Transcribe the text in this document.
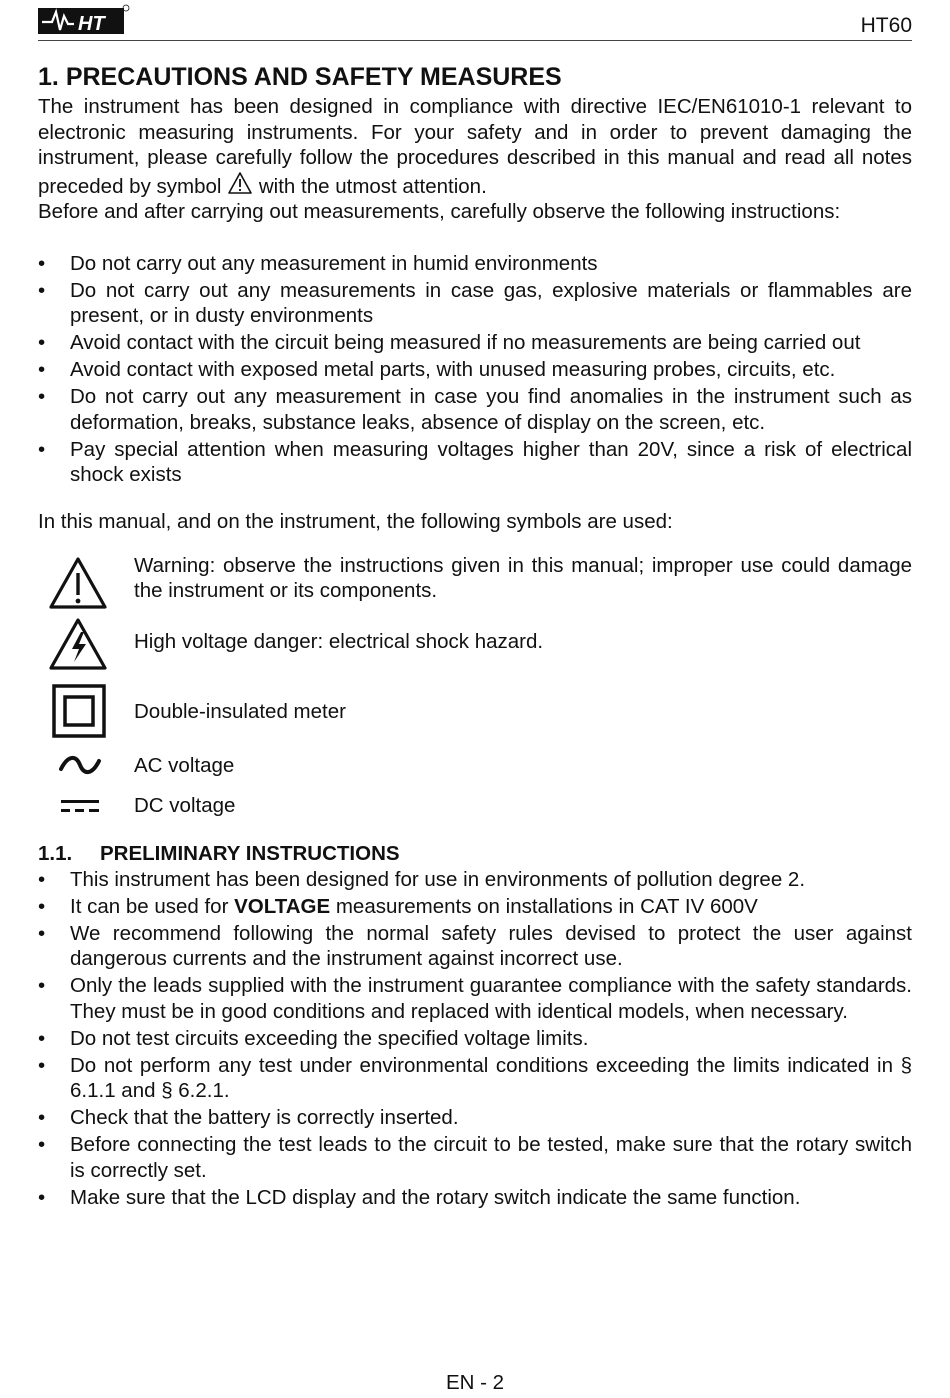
HT	HT60
1. PRECAUTIONS AND SAFETY MEASURES

The instrument has been designed in compliance with directive IEC/EN61010-1 relevant to electronic measuring instruments. For your safety and in order to prevent damaging the instrument, please carefully follow the procedures described in this manual and read all notes preceded by symbol with the utmost attention.

Before and after carrying out measurements, carefully observe the following instructions:

• Do not carry out any measurement in humid environments
• Do not carry out any measurements in case gas, explosive materials or flammables are present, or in dusty environments
• Avoid contact with the circuit being measured if no measurements are being carried out
• Avoid contact with exposed metal parts, with unused measuring probes, circuits, etc.
• Do not carry out any measurement in case you find anomalies in the instrument such as deformation, breaks, substance leaks, absence of display on the screen, etc.
• Pay special attention when measuring voltages higher than 20V, since a risk of electrical shock exists

In this manual, and on the instrument, the following symbols are used:

Warning: observe the instructions given in this manual; improper use could damage the instrument or its components.
High voltage danger: electrical shock hazard.
Double-insulated meter
AC voltage
DC voltage
1.1. PRELIMINARY INSTRUCTIONS
• This instrument has been designed for use in environments of pollution degree 2.
• It can be used for VOLTAGE measurements on installations in CAT IV 600V
• We recommend following the normal safety rules devised to protect the user against dangerous currents and the instrument against incorrect use.
• Only the leads supplied with the instrument guarantee compliance with the safety standards. They must be in good conditions and replaced with identical models, when necessary.
• Do not test circuits exceeding the specified voltage limits.
• Do not perform any test under environmental conditions exceeding the limits indicated in § 6.1.1 and § 6.2.1.
• Check that the battery is correctly inserted.
• Before connecting the test leads to the circuit to be tested, make sure that the rotary switch is correctly set.
• Make sure that the LCD display and the rotary switch indicate the same function.
EN - 2
